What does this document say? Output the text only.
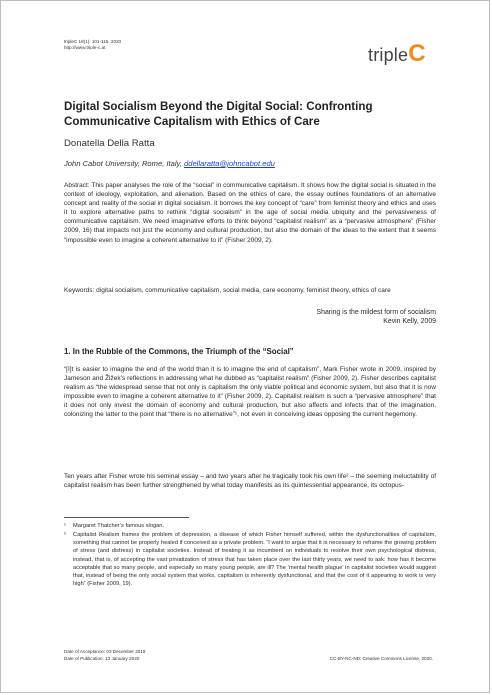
tripleC 18(1): 101-115, 2020
http://www.triple-c.at	tripleC
Digital Socialism Beyond the Digital Social: Confronting Communicative Capitalism with Ethics of Care
Donatella Della Ratta
John Cabot University, Rome, Italy, ddellaratta@johncabot.edu
Abstract: This paper analyses the role of the “social” in communicative capitalism. It shows how the digital social is situated in the context of ideology, exploitation, and alienation. Based on the ethics of care, the essay outlines foundations of an alternative concept and reality of the social in digital socialism. It borrows the key concept of “care” from feminist theory and ethics and uses it to explore alternative paths to rethink “digital socialism” in the age of social media ubiquity and the pervasiveness of communicative capitalism. We need imaginative efforts to think beyond “capitalist realism” as a “pervasive atmosphere” (Fisher 2009, 16) that impacts not just the economy and cultural production, but also the domain of the ideas to the extent that it seems “impossible even to imagine a coherent alternative to it” (Fisher 2009, 2).
Keywords: digital socialism, communicative capitalism, social media, care economy, feminist theory, ethics of care
Sharing is the mildest form of socialism
Kevin Kelly, 2009
1. In the Rubble of the Commons, the Triumph of the “Social”
“[I]t is easier to imagine the end of the world than it is to imagine the end of capitalism”, Mark Fisher wrote in 2009, inspired by Jameson and Žižek’s reflections in addressing what he dubbed as “capitalist realism” (Fisher 2009, 2). Fisher describes capitalist realism as “the widespread sense that not only is capitalism the only viable political and economic system, but also that it is now impossible even to imagine a coherent alternative to it” (Fisher 2009, 2). Capitalist realism is such a “pervasive atmosphere” that it does not only invest the domain of economy and cultural production, but also affects and infects that of the imagination, colonizing the latter to the point that “there is no alternative”¹, not even in conceiving ideas opposing the current hegemony.
Ten years after Fisher wrote his seminal essay – and two years after he tragically took his own life² – the seeming ineluctability of capitalist realism has been further strengthened by what today manifests as its quintessential appearance, its octopus-
¹	Margaret Thatcher’s famous slogan.
²	Capitalist Realism frames the problem of depression, a disease of which Fisher himself suffered, within the dysfunctionalities of capitalism, something that cannot be properly healed if conceived as a private problem. “I want to argue that it is necessary to reframe the growing problem of stress (and distress) in capitalist societies. Instead of treating it as incumbent on individuals to resolve their own psychological distress, instead, that is, of accepting the vast privatization of stress that has taken place over the last thirty years, we need to ask: how has it become acceptable that so many people, and especially so many young people, are ill? The ‘mental health plague’ in capitalist societies would suggest that, instead of being the only social system that works, capitalism is inherently dysfunctional, and that the cost of it appearing to work is very high” (Fisher 2009, 19).
Date of Acceptance: 03 December 2019
Date of Publication: 13 January 2020	CC-BY-NC-ND: Creative Commons License, 2020.
